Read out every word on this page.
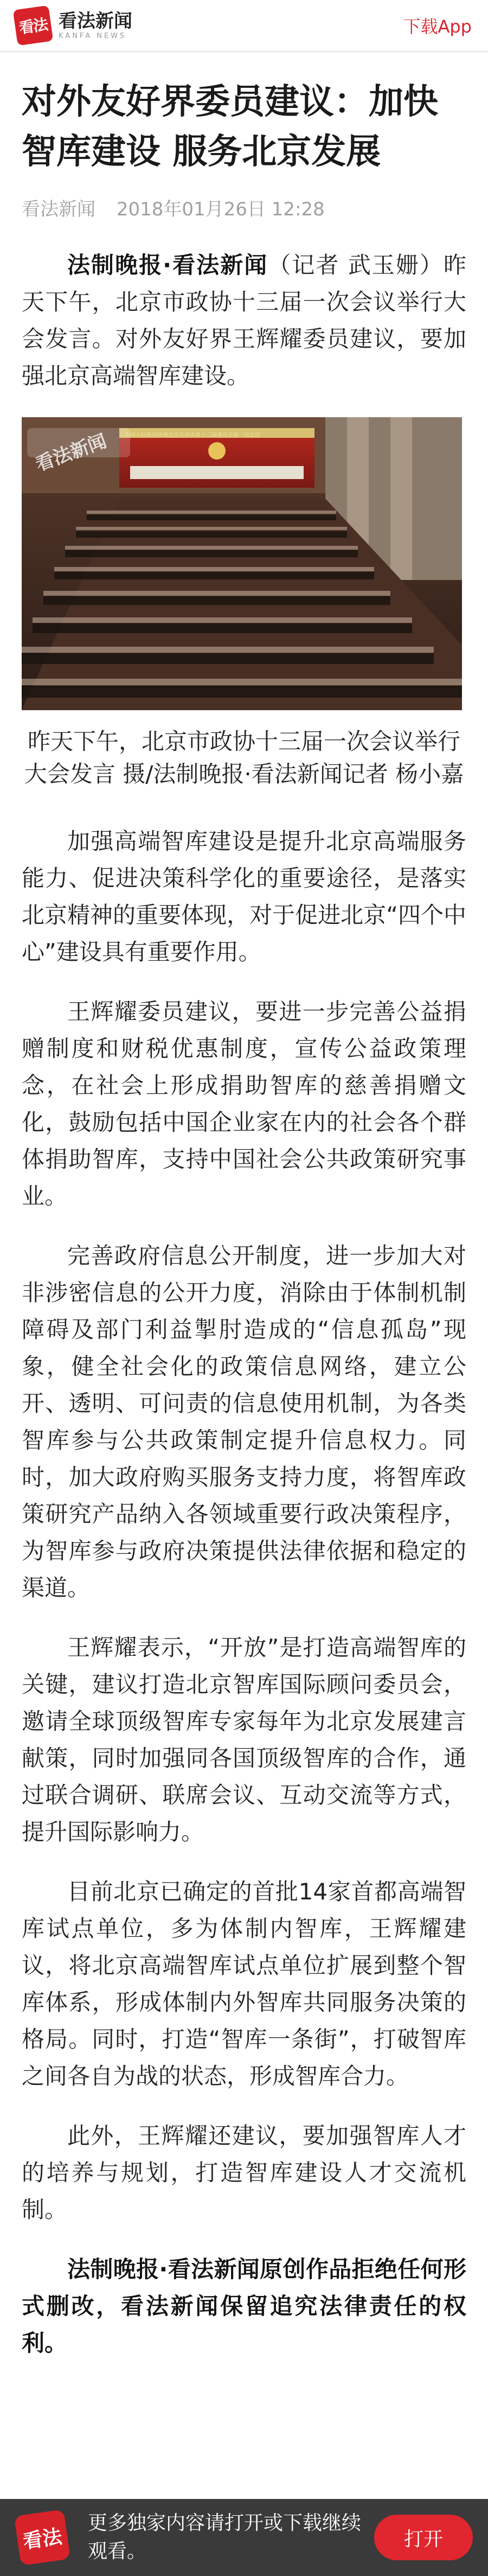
看法 看法新闻
KANFA NEWS	下载App
对外友好界委员建议：加快智库建设 服务北京发展
看法新闻 2018年01月26日 12:28

法制晚报·看法新闻（记者 武玉姗）昨天下午，北京市政协十三届一次会议举行大会发言。对外友好界王辉耀委员建议，要加强北京高端智库建设。

看法新闻	中国人民政治协商会议北京市第十三届委员会第一次会议

昨天下午，北京市政协十三届一次会议举行大会发言 摄/法制晚报·看法新闻记者 杨小嘉

加强高端智库建设是提升北京高端服务能力、促进决策科学化的重要途径，是落实北京精神的重要体现，对于促进北京“四个中心”建设具有重要作用。

王辉耀委员建议，要进一步完善公益捐赠制度和财税优惠制度，宣传公益政策理念，在社会上形成捐助智库的慈善捐赠文化，鼓励包括中国企业家在内的社会各个群体捐助智库，支持中国社会公共政策研究事业。

完善政府信息公开制度，进一步加大对非涉密信息的公开力度，消除由于体制机制障碍及部门利益掣肘造成的“信息孤岛”现象，健全社会化的政策信息网络，建立公开、透明、可问责的信息使用机制，为各类智库参与公共政策制定提升信息权力。同时，加大政府购买服务支持力度，将智库政策研究产品纳入各领域重要行政决策程序，为智库参与政府决策提供法律依据和稳定的渠道。

王辉耀表示，“开放”是打造高端智库的关键，建议打造北京智库国际顾问委员会，邀请全球顶级智库专家每年为北京发展建言献策，同时加强同各国顶级智库的合作，通过联合调研、联席会议、互动交流等方式，提升国际影响力。

目前北京已确定的首批14家首都高端智库试点单位，多为体制内智库，王辉耀建议，将北京高端智库试点单位扩展到整个智库体系，形成体制内外智库共同服务决策的格局。同时，打造“智库一条街”，打破智库之间各自为战的状态，形成智库合力。

此外，王辉耀还建议，要加强智库人才的培养与规划，打造智库建设人才交流机制。

法制晚报·看法新闻原创作品拒绝任何形式删改，看法新闻保留追究法律责任的权利。

看法
更多独家内容请打开或下载继续观看。
打开
